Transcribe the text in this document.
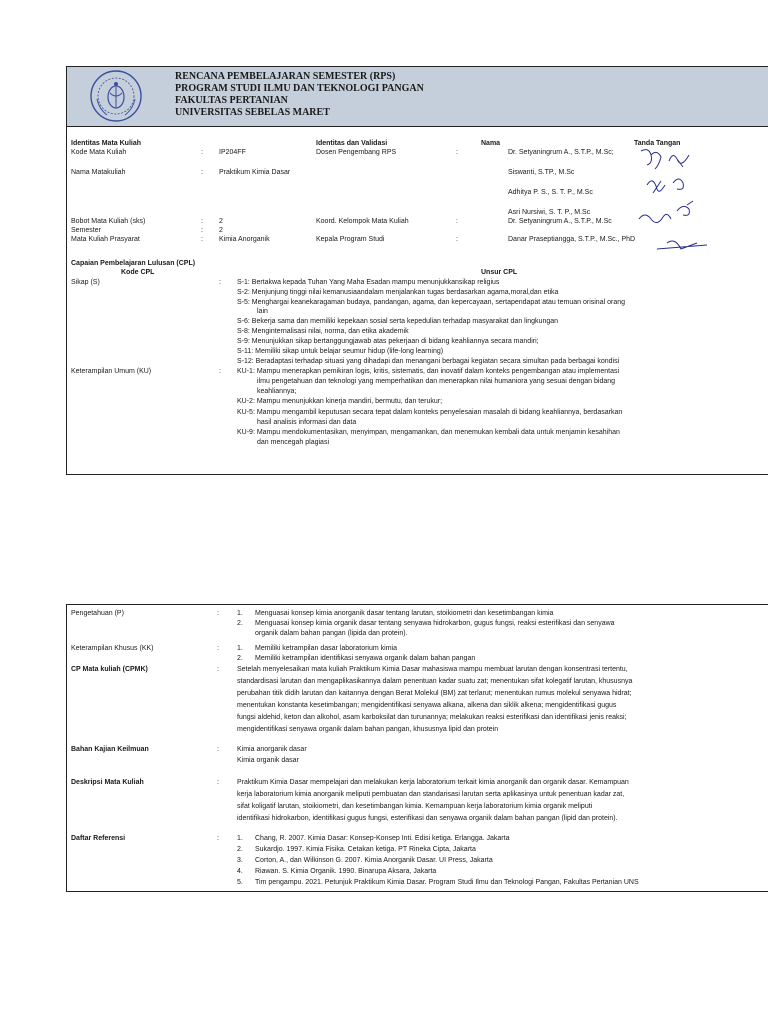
RENCANA PEMBELAJARAN SEMESTER (RPS)
PROGRAM STUDI ILMU DAN TEKNOLOGI PANGAN
FAKULTAS PERTANIAN
UNIVERSITAS SEBELAS MARET
Identitas Mata Kuliah	Identitas dan Validasi	Nama	Tanda Tangan
Kode Mata Kuliah	: IP204FF	Dosen Pengembang RPS	:	Dr. Setyaningrum A., S.T.P., M.Sc;
Nama Matakuliah	: Praktikum Kimia Dasar	Siswanti, S.TP., M.Sc
Adhitya P. S., S. T. P., M.Sc
Asri Nursiwi, S. T. P., M.Sc
Bobot Mata Kuliah (sks)	: 2	Koord. Kelompok Mata Kuliah	:	Dr. Setyaningrum A., S.T.P., M.Sc
Semester	: 2
Mata Kuliah Prasyarat	: Kimia Anorganik	Kepala Program Studi	:	Danar Praseptiangga, S.T.P., M.Sc., PhD
Capaian Pembelajaran Lulusan (CPL)
Kode CPL	Unsur CPL
Sikap (S)	: S-1: Bertakwa kepada Tuhan Yang Maha Esadan mampu menunjukkansikap religius
S-2: Menjunjung tinggi nilai kemanusiaandalam menjalankan tugas berdasarkan agama,moral,dan etika
S-5: Menghargai keanekaragaman budaya, pandangan, agama, dan kepercayaan, sertapendapat atau temuan orisinal orang
lain
S-6: Bekerja sama dan memiliki kepekaan sosial serta kepedulian terhadap masyarakat dan lingkungan
S-8: Menginternalisasi nilai, norma, dan etika akademik
S-9: Menunjukkan sikap bertanggungjawab atas pekerjaan di bidang keahliannya secara mandiri;
S-11: Memiliki sikap untuk belajar seumur hidup (life-long learning)
S-12: Beradaptasi terhadap situasi yang dihadapi dan menangani berbagai kegiatan secara simultan pada berbagai kondisi
Keterampilan Umum (KU)	: KU-1: Mampu menerapkan pemikiran logis, kritis, sistematis, dan inovatif dalam konteks pengembangan atau implementasi
ilmu pengetahuan dan teknologi yang memperhatikan dan menerapkan nilai humaniora yang sesuai dengan bidang
keahliannya;
KU-2: Mampu menunjukkan kinerja mandiri, bermutu, dan terukur;
KU-5: Mampu mengambil keputusan secara tepat dalam konteks penyelesaian masalah di bidang keahliannya, berdasarkan
hasil analisis informasi dan data
KU-9: Mampu mendokumentasikan, menyimpan, mengamankan, dan menemukan kembali data untuk menjamin kesahihan
dan mencegah plagiasi
Pengetahuan (P)	:	1. Menguasai konsep kimia anorganik dasar tentang larutan, stoikiometri dan kesetimbangan kimia
2. Menguasai konsep kimia organik dasar tentang senyawa hidrokarbon, gugus fungsi, reaksi esterifikasi dan senyawa
organik dalam bahan pangan (lipida dan protein).
Keterampilan Khusus (KK)	:	1. Memiliki ketrampilan dasar laboratorium kimia
2. Memiliki ketrampilan identifikasi senyawa organik dalam bahan pangan
CP Mata kuliah (CPMK)	:	Setelah menyelesaikan mata kuliah Praktikum Kimia Dasar mahasiswa mampu membuat larutan dengan konsentrasi tertentu,
standardisasi larutan dan mengaplikasikannya dalam penentuan kadar suatu zat; menentukan sifat kolegatif larutan, khususnya
perubahan titik didih larutan dan kaitannya dengan Berat Molekul (BM) zat terlarut; menentukan rumus molekul senyawa hidrat;
menentukan konstanta kesetimbangan; mengidentifikasi senyawa alkana, alkena dan siklik alkena; mengidentifikasi gugus
fungsi aldehid, keton dan alkohol, asam karboksilat dan turunannya; melakukan reaksi esterifikasi dan identifikasi jenis reaksi;
mengidentifikasi senyawa organik dalam bahan pangan, khususnya lipid dan protein
Bahan Kajian Keilmuan	:	Kimia anorganik dasar
Kimia organik dasar
Deskripsi Mata Kuliah	:	Praktikum Kimia Dasar mempelajari dan melakukan kerja laboratorium terkait kimia anorganik dan organik dasar. Kemampuan
kerja laboratorium kimia anorganik meliputi pembuatan dan standarisasi larutan serta aplikasinya untuk penentuan kadar zat,
sifat koligatif larutan, stoikiometri, dan kesetimbangan kimia. Kemampuan kerja laboratorium kimia organik meliputi
identifikasi hidrokarbon, identifikasi gugus fungsi, esterifikasi dan senyawa organik dalam bahan pangan (lipid dan protein).
Daftar Referensi	:	1. Chang, R. 2007. Kimia Dasar: Konsep-Konsep Inti. Edisi ketiga. Erlangga. Jakarta
2. Sukardjo. 1997. Kimia Fisika. Cetakan ketiga. PT Rineka Cipta, Jakarta
3. Corton, A., dan Wilkinson G. 2007. Kimia Anorganik Dasar. UI Press, Jakarta
4. Riawan. S. Kimia Organik. 1990. Binarupa Aksara, Jakarta
5. Tim pengampu. 2021. Petunjuk Praktikum Kimia Dasar. Program Studi Ilmu dan Teknologi Pangan, Fakultas Pertanian UNS
